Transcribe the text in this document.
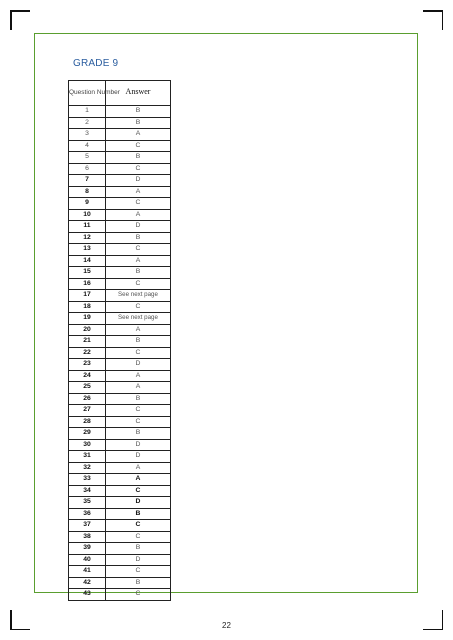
GRADE 9
Question Number	Answer
1	B
2	B
3	A
4	C
5	B
6	C
7	D
8	A
9	C
10	A
11	D
12	B
13	C
14	A
15	B
16	C
17	See next page
18	C
19	See next page
20	A
21	B
22	C
23	D
24	A
25	A
26	B
27	C
28	C
29	B
30	D
31	D
32	A
33	A
34	C
35	D
36	B
37	C
38	C
39	B
40	D
41	C
42	B
43	C
22
